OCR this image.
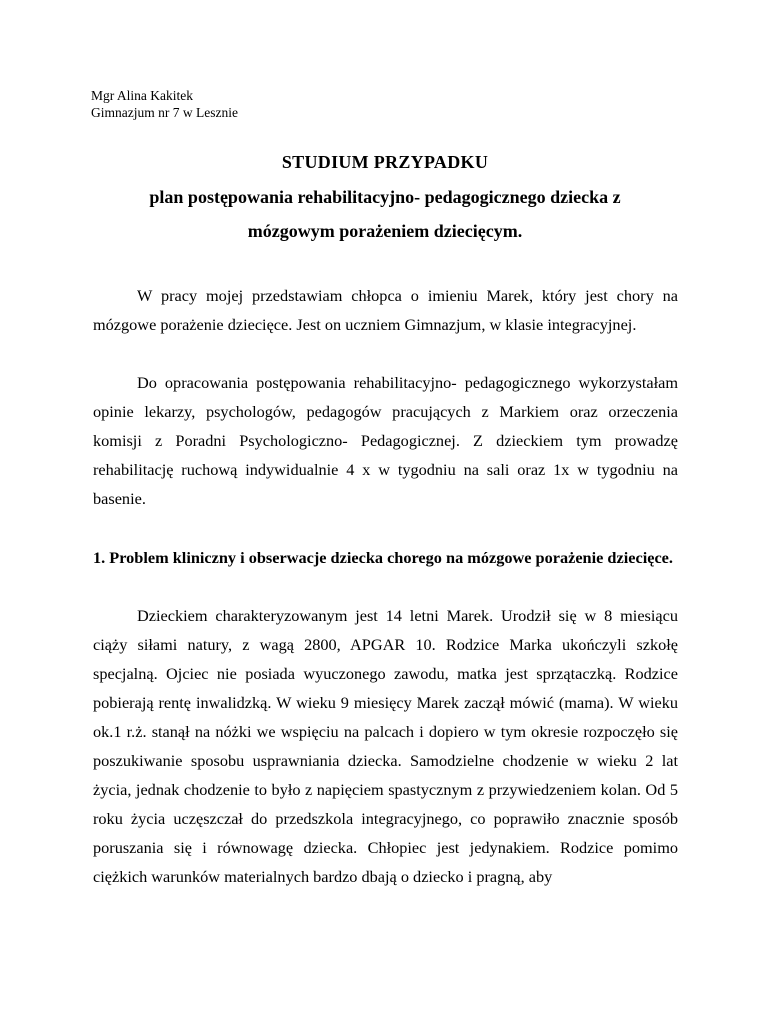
Mgr Alina Kakitek
Gimnazjum nr 7 w Lesznie
STUDIUM PRZYPADKU
plan postępowania rehabilitacyjno- pedagogicznego dziecka z
mózgowym porażeniem dziecięcym.

W pracy mojej przedstawiam chłopca o imieniu Marek, który jest chory na mózgowe porażenie dziecięce. Jest on uczniem Gimnazjum, w klasie integracyjnej.

Do opracowania postępowania rehabilitacyjno- pedagogicznego wykorzystałam opinie lekarzy, psychologów, pedagogów pracujących z Markiem oraz orzeczenia komisji z Poradni Psychologiczno- Pedagogicznej. Z dzieckiem tym prowadzę rehabilitację ruchową indywidualnie 4 x w tygodniu na sali oraz 1x w tygodniu na basenie.

1. Problem kliniczny i obserwacje dziecka chorego na mózgowe porażenie dziecięce.

Dzieckiem charakteryzowanym jest 14 letni Marek. Urodził się w 8 miesiącu ciąży siłami natury, z wagą 2800, APGAR 10. Rodzice Marka ukończyli szkołę specjalną. Ojciec nie posiada wyuczonego zawodu, matka jest sprzątaczką. Rodzice pobierają rentę inwalidzką. W wieku 9 miesięcy Marek zaczął mówić (mama). W wieku ok.1 r.ż. stanął na nóżki we wspięciu na palcach i dopiero w tym okresie rozpoczęło się poszukiwanie sposobu usprawniania dziecka. Samodzielne chodzenie w wieku 2 lat życia, jednak chodzenie to było z napięciem spastycznym z przywiedzeniem kolan. Od 5 roku życia uczęszczał do przedszkola integracyjnego, co poprawiło znacznie sposób poruszania się i równowagę dziecka. Chłopiec jest jedynakiem. Rodzice pomimo ciężkich warunków materialnych bardzo dbają o dziecko i pragną, aby
